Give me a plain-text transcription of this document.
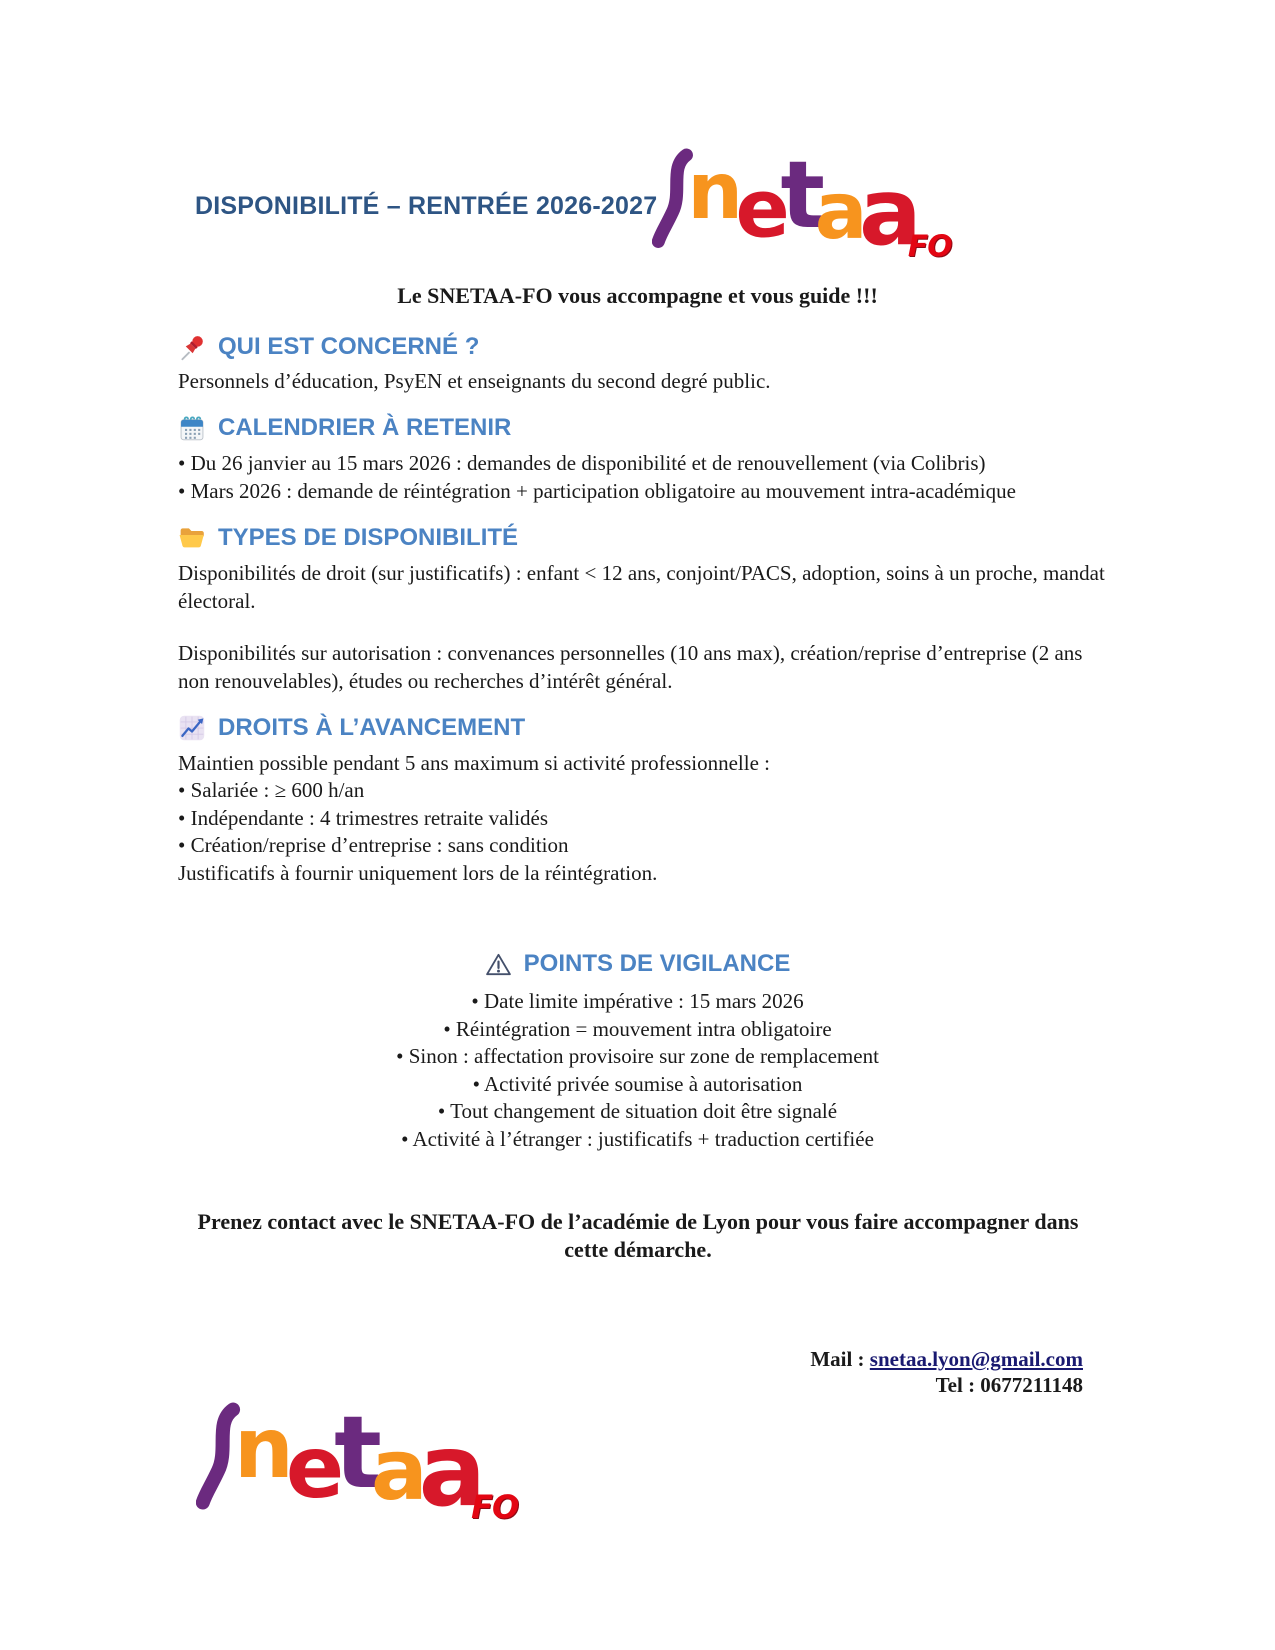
DISPONIBILITÉ – RENTRÉE 2026-2027 n
e
t
a
a
FO
Le SNETAA-FO vous accompagne et vous guide !!!
QUI EST CONCERNÉ ?
Personnels d’éducation, PsyEN et enseignants du second degré public.
CALENDRIER À RETENIR
• Du 26 janvier au 15 mars 2026 : demandes de disponibilité et de renouvellement (via Colibris)
• Mars 2026 : demande de réintégration + participation obligatoire au mouvement intra-académique
TYPES DE DISPONIBILITÉ
Disponibilités de droit (sur justificatifs) : enfant < 12 ans, conjoint/PACS, adoption, soins à un proche, mandat électoral.
Disponibilités sur autorisation : convenances personnelles (10 ans max), création/reprise d’entreprise (2 ans non renouvelables), études ou recherches d’intérêt général.
DROITS À L’AVANCEMENT
Maintien possible pendant 5 ans maximum si activité professionnelle :
• Salariée : ≥ 600 h/an
• Indépendante : 4 trimestres retraite validés
• Création/reprise d’entreprise : sans condition
Justificatifs à fournir uniquement lors de la réintégration.
POINTS DE VIGILANCE
• Date limite impérative : 15 mars 2026
• Réintégration = mouvement intra obligatoire
• Sinon : affectation provisoire sur zone de remplacement
• Activité privée soumise à autorisation
• Tout changement de situation doit être signalé
• Activité à l’étranger : justificatifs + traduction certifiée
Prenez contact avec le SNETAA-FO de l’académie de Lyon pour vous faire accompagner dans cette démarche.
Mail : snetaa.lyon@gmail.com
Tel : 0677211148
n
e
t
a
a
FO
